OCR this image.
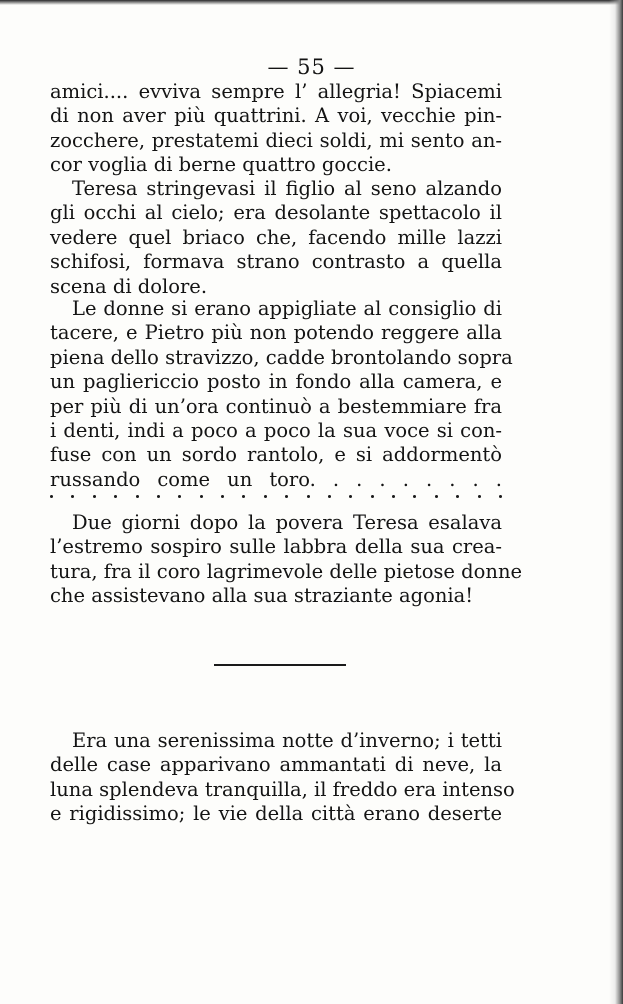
— 55 —
amici.... evviva sempre l’ allegria! Spiacemi
di non aver più quattrini. A voi, vecchie pin-
zocchere, prestatemi dieci soldi, mi sento an-
cor voglia di berne quattro goccie.
Teresa stringevasi il figlio al seno alzando
gli occhi al cielo; era desolante spettacolo il
vedere quel briaco che, facendo mille lazzi
schifosi, formava strano contrasto a quella
scena di dolore.
Le donne si erano appigliate al consiglio di
tacere, e Pietro più non potendo reggere alla
piena dello stravizzo, cadde brontolando sopra
un pagliericcio posto in fondo alla camera, e
per più di un’ora continuò a bestemmiare fra
i denti, indi a poco a poco la sua voce si con-
fuse con un sordo rantolo, e si addormentò
russando come un toro. . . . . . . . .
Due giorni dopo la povera Teresa esalava
l’estremo sospiro sulle labbra della sua crea-
tura, fra il coro lagrimevole delle pietose donne
che assistevano alla sua straziante agonia!
Era una serenissima notte d’inverno; i tetti
delle case apparivano ammantati di neve, la
luna splendeva tranquilla, il freddo era intenso
e rigidissimo; le vie della città erano deserte
